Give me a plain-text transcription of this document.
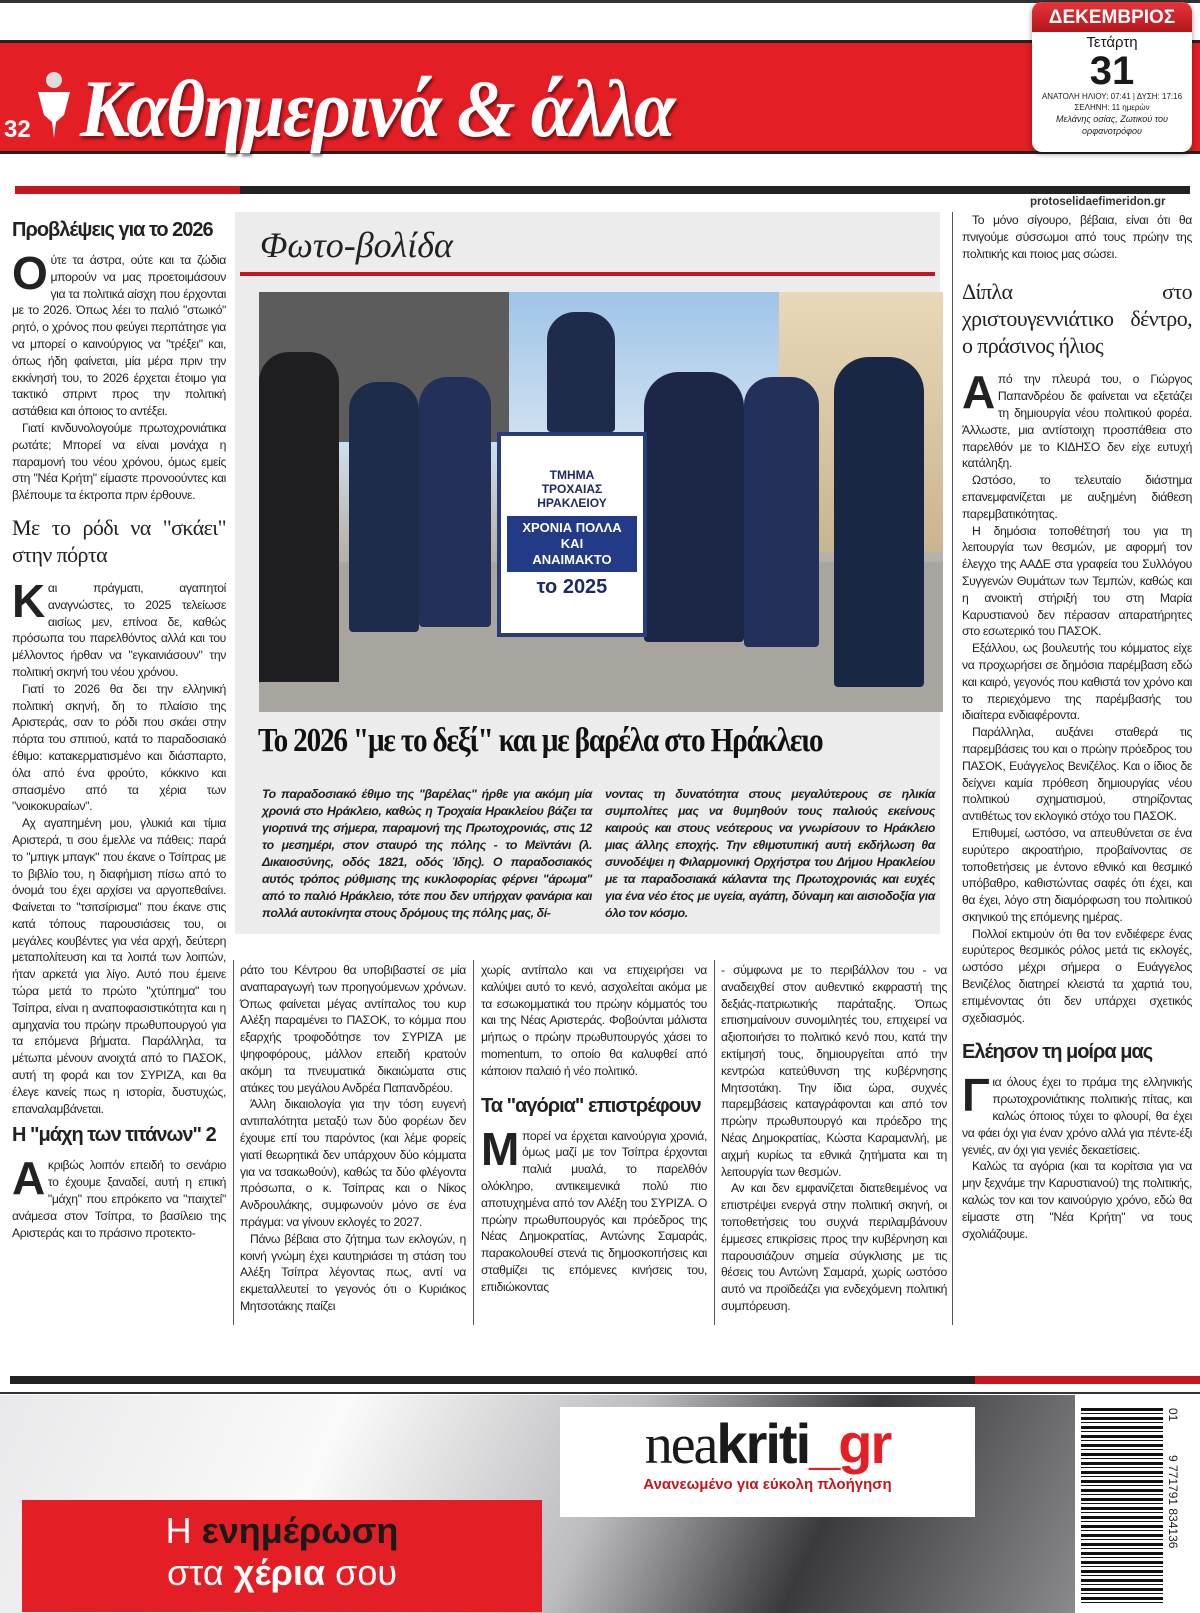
32 Καθημερινά & άλλα
ΔΕΚΕΜΒΡΙΟΣ
Τετάρτη
31
ΑΝΑΤΟΛΗ ΗΛΙΟΥ: 07:41 | ΔΥΣΗ: 17:16
ΣΕΛΗΝΗ: 11 ημερών
Μελάνης οσίας, Ζωτικού του ορφανοτρόφου
Προβλέψεις για το 2026

Ούτε τα άστρα, ούτε και τα ζώδια μπορούν να μας προετοιμάσουν για τα πολιτικά αίσχη που έρχονται με το 2026. Όπως λέει το παλιό "στωικό" ρητό, ο χρόνος που φεύγει περπάτησε για να μπορεί ο καινούργιος να "τρέξει" και, όπως ήδη φαίνεται, μία μέρα πριν την εκκίνησή του, το 2026 έρχεται έτοιμο για τακτικό σπριντ προς την πολιτική αστάθεια και όποιος το αντέξει.

Γιατί κινδυνολογούμε πρωτοχρονιάτικα ρωτάτε; Μπορεί να είναι μονάχα η παραμονή του νέου χρόνου, όμως εμείς στη "Νέα Κρήτη" είμαστε προνοούντες και βλέπουμε τα έκτροπα πριν έρθουνε.

Με το ρόδι να "σκάει" στην πόρτα

Και πράγματι, αγαπητοί αναγνώστες, το 2025 τελείωσε αισίως μεν, επίνοα δε, καθώς πρόσωπα του παρελθόντος αλλά και του μέλλοντος ήρθαν να "εγκαινιάσουν" την πολιτική σκηνή του νέου χρόνου.

Γιατί το 2026 θα δει την ελληνική πολιτική σκηνή, δη το πλαίσιο της Αριστεράς, σαν το ρόδι που σκάει στην πόρτα του σπιτιού, κατά το παραδοσιακό έθιμο: κατακερματισμένο και διάσπαρτο, όλα από ένα φρούτο, κόκκινο και σπασμένο από τα χέρια των "νοικοκυραίων".

Αχ αγαπημένη μου, γλυκιά και τίμια Αριστερά, τι σου έμελλε να πάθεις: παρά το "μπιγκ μπαγκ" που έκανε ο Τσίπρας με το βιβλίο του, η διαφήμιση πίσω από το όνομά του έχει αρχίσει να αργοπεθαίνει. Φαίνεται το "τσιτσίρισμα" που έκανε στις κατά τόπους παρουσιάσεις του, οι μεγάλες κουβέντες για νέα αρχή, δεύτερη μεταπολίτευση και τα λοιπά των λοιπών, ήταν αρκετά για λίγο. Αυτό που έμεινε τώρα μετά το πρώτο "χτύπημα" του Τσίπρα, είναι η αναποφασιστικότητα και η αμηχανία του πρώην πρωθυπουργού για τα επόμενα βήματα. Παράλληλα, τα μέτωπα μένουν ανοιχτά από το ΠΑΣΟΚ, αυτή τη φορά και τον ΣΥΡΙΖΑ, και θα έλεγε κανείς πως η ιστορία, δυστυχώς, επαναλαμβάνεται.

Η "μάχη των τιτάνων" 2

Ακριβώς λοιπόν επειδή το σενάριο το έχουμε ξαναδεί, αυτή η επική "μάχη" που επρόκειτο να "παιχτεί" ανάμεσα στον Τσίπρα, το βασίλειο της Αριστεράς και το πράσινο προτεκτο-

Φωτο-βολίδα
ΤΜΗΜΑ
ΤΡΟΧΑΙΑΣ
ΗΡΑΚΛΕΙΟΥ
ΧΡΟΝΙΑ ΠΟΛΛΑ
ΚΑΙ
ΑΝΑΙΜΑΚΤΟ
το 2025
Το 2026 "με το δεξί" και με βαρέλα στο Ηράκλειο
Το παραδοσιακό έθιμο της "βαρέλας" ήρθε για ακόμη μία χρονιά στο Ηράκλειο, καθώς η Τροχαία Ηρακλείου βάζει τα γιορτινά της σήμερα, παραμονή της Πρωτοχρονιάς, στις 12 το μεσημέρι, στον σταυρό της πόλης - το Μεϊντάνι (λ. Δικαιοσύνης, οδός 1821, οδός Ίδης). Ο παραδοσιακός αυτός τρόπος ρύθμισης της κυκλοφορίας φέρνει "άρωμα" από το παλιό Ηράκλειο, τότε που δεν υπήρχαν φανάρια και πολλά αυτοκίνητα στους δρόμους της πόλης μας, δί-
νοντας τη δυνατότητα στους μεγαλύτερους σε ηλικία συμπολίτες μας να θυμηθούν τους παλιούς εκείνους καιρούς και στους νεότερους να γνωρίσουν το Ηράκλειο μιας άλλης εποχής. Την εθιμοτυπική αυτή εκδήλωση θα συνοδέψει η Φιλαρμονική Ορχήστρα του Δήμου Ηρακλείου με τα παραδοσιακά κάλαντα της Πρωτοχρονιάς και ευχές για ένα νέο έτος με υγεία, αγάπη, δύναμη και αισιοδοξία για όλο τον κόσμο.

ράτο του Κέντρου θα υποβιβαστεί σε μία αναπαραγωγή των προηγούμενων χρόνων. Όπως φαίνεται μέγας αντίπαλος του κυρ Αλέξη παραμένει το ΠΑΣΟΚ, το κόμμα που εξαρχής τροφοδότησε τον ΣΥΡΙΖΑ με ψηφοφόρους, μάλλον επειδή κρατούν ακόμη τα πνευματικά δικαιώματα στις ατάκες του μεγάλου Ανδρέα Παπανδρέου.

Άλλη δικαιολογία για την τόση ευγενή αντιπαλότητα μεταξύ των δύο φορέων δεν έχουμε επί του παρόντος (και λέμε φορείς γιατί θεωρητικά δεν υπάρχουν δύο κόμματα για να τσακωθούν), καθώς τα δύο φλέγοντα πρόσωπα, ο κ. Τσίπρας και ο Νίκος Ανδρουλάκης, συμφωνούν μόνο σε ένα πράγμα: να γίνουν εκλογές το 2027.

Πάνω βέβαια στο ζήτημα των εκλογών, η κοινή γνώμη έχει καυτηριάσει τη στάση του Αλέξη Τσίπρα λέγοντας πως, αντί να εκμεταλλευτεί το γεγονός ότι ο Κυριάκος Μητσοτάκης παίζει

χωρίς αντίπαλο και να επιχειρήσει να καλύψει αυτό το κενό, ασχολείται ακόμα με τα εσωκομματικά του πρώην κόμματός του και της Νέας Αριστεράς. Φοβούνται μάλιστα μήπως ο πρώην πρωθυπουργός χάσει το momentum, το οποίο θα καλυφθεί από κάποιον παλαιό ή νέο πολιτικό.

Τα "αγόρια" επιστρέφουν

Μπορεί να έρχεται καινούργια χρονιά, όμως μαζί με τον Τσίπρα έρχονται παλιά μυαλά, το παρελθόν ολόκληρο, αντικειμενικά πολύ πιο αποτυχημένα από τον Αλέξη του ΣΥΡΙΖΑ. Ο πρώην πρωθυπουργός και πρόεδρος της Νέας Δημοκρατίας, Αντώνης Σαμαράς, παρακολουθεί στενά τις δημοσκοπήσεις και σταθμίζει τις επόμενες κινήσεις του, επιδιώκοντας

- σύμφωνα με το περιβάλλον του - να αναδειχθεί στον αυθεντικό εκφραστή της δεξιάς-πατριωτικής παράταξης. Όπως επισημαίνουν συνομιλητές του, επιχειρεί να αξιοποιήσει το πολιτικό κενό που, κατά την εκτίμησή τους, δημιουργείται από την κεντρώα κατεύθυνση της κυβέρνησης Μητσοτάκη. Την ίδια ώρα, συχνές παρεμβάσεις καταγράφονται και από τον πρώην πρωθυπουργό και πρόεδρο της Νέας Δημοκρατίας, Κώστα Καραμανλή, με αιχμή κυρίως τα εθνικά ζητήματα και τη λειτουργία των θεσμών.

Αν και δεν εμφανίζεται διατεθειμένος να επιστρέψει ενεργά στην πολιτική σκηνή, οι τοποθετήσεις του συχνά περιλαμβάνουν έμμεσες επικρίσεις προς την κυβέρνηση και παρουσιάζουν σημεία σύγκλισης με τις θέσεις του Αντώνη Σαμαρά, χωρίς ωστόσο αυτό να προϊδεάζει για ενδεχόμενη πολιτική συμπόρευση.

protoselidaefimeridon.gr

Το μόνο σίγουρο, βέβαια, είναι ότι θα πνιγούμε σύσσωμοι από τους πρώην της πολιτικής και ποιος μας σώσει.

Δίπλα στο χριστουγεννιάτικο δέντρο, ο πράσινος ήλιος

Από την πλευρά του, ο Γιώργος Παπανδρέου δε φαίνεται να εξετάζει τη δημιουργία νέου πολιτικού φορέα. Άλλωστε, μια αντίστοιχη προσπάθεια στο παρελθόν με το ΚΙΔΗΣΟ δεν είχε ευτυχή κατάληξη.

Ωστόσο, το τελευταίο διάστημα επανεμφανίζεται με αυξημένη διάθεση παρεμβατικότητας.

Η δημόσια τοποθέτησή του για τη λειτουργία των θεσμών, με αφορμή τον έλεγχο της ΑΑΔΕ στα γραφεία του Συλλόγου Συγγενών Θυμάτων των Τεμπών, καθώς και η ανοικτή στήριξή του στη Μαρία Καρυστιανού δεν πέρασαν απαρατήρητες στο εσωτερικό του ΠΑΣΟΚ.

Εξάλλου, ως βουλευτής του κόμματος είχε να προχωρήσει σε δημόσια παρέμβαση εδώ και καιρό, γεγονός που καθιστά τον χρόνο και το περιεχόμενο της παρέμβασής του ιδιαίτερα ενδιαφέροντα.

Παράλληλα, αυξάνει σταθερά τις παρεμβάσεις του και ο πρώην πρόεδρος του ΠΑΣΟΚ, Ευάγγελος Βενιζέλος. Και ο ίδιος δε δείχνει καμία πρόθεση δημιουργίας νέου πολιτικού σχηματισμού, στηρίζοντας αντιθέτως τον εκλογικό στόχο του ΠΑΣΟΚ.

Επιθυμεί, ωστόσο, να απευθύνεται σε ένα ευρύτερο ακροατήριο, προβαίνοντας σε τοποθετήσεις με έντονο εθνικό και θεσμικό υπόβαθρο, καθιστώντας σαφές ότι έχει, και θα έχει, λόγο στη διαμόρφωση του πολιτικού σκηνικού της επόμενης ημέρας.

Πολλοί εκτιμούν ότι θα τον ενδιέφερε ένας ευρύτερος θεσμικός ρόλος μετά τις εκλογές, ωστόσο μέχρι σήμερα ο Ευάγγελος Βενιζέλος διατηρεί κλειστά τα χαρτιά του, επιμένοντας ότι δεν υπάρχει σχετικός σχεδιασμός.

Ελέησον τη μοίρα μας

Για όλους έχει το πράμα της ελληνικής πρωτοχρονιάτικης πολιτικής πίτας, και καλώς όποιος τύχει το φλουρί, θα έχει να φάει όχι για έναν χρόνο αλλά για πέντε-έξι γενιές, αν όχι για γενιές δεκαετίσεις.

Καλώς τα αγόρια (και τα κορίτσια για να μην ξεχνάμε την Καρυστιανού) της πολιτικής, καλώς τον και τον καινούργιο χρόνο, εδώ θα είμαστε στη "Νέα Κρήτη" να τους σχολιάζουμε.

Η ενημέρωση
στα χέρια σου
neakriti_gr
Ανανεωμένο για εύκολη πλοήγηση
01
9 771791 834136
